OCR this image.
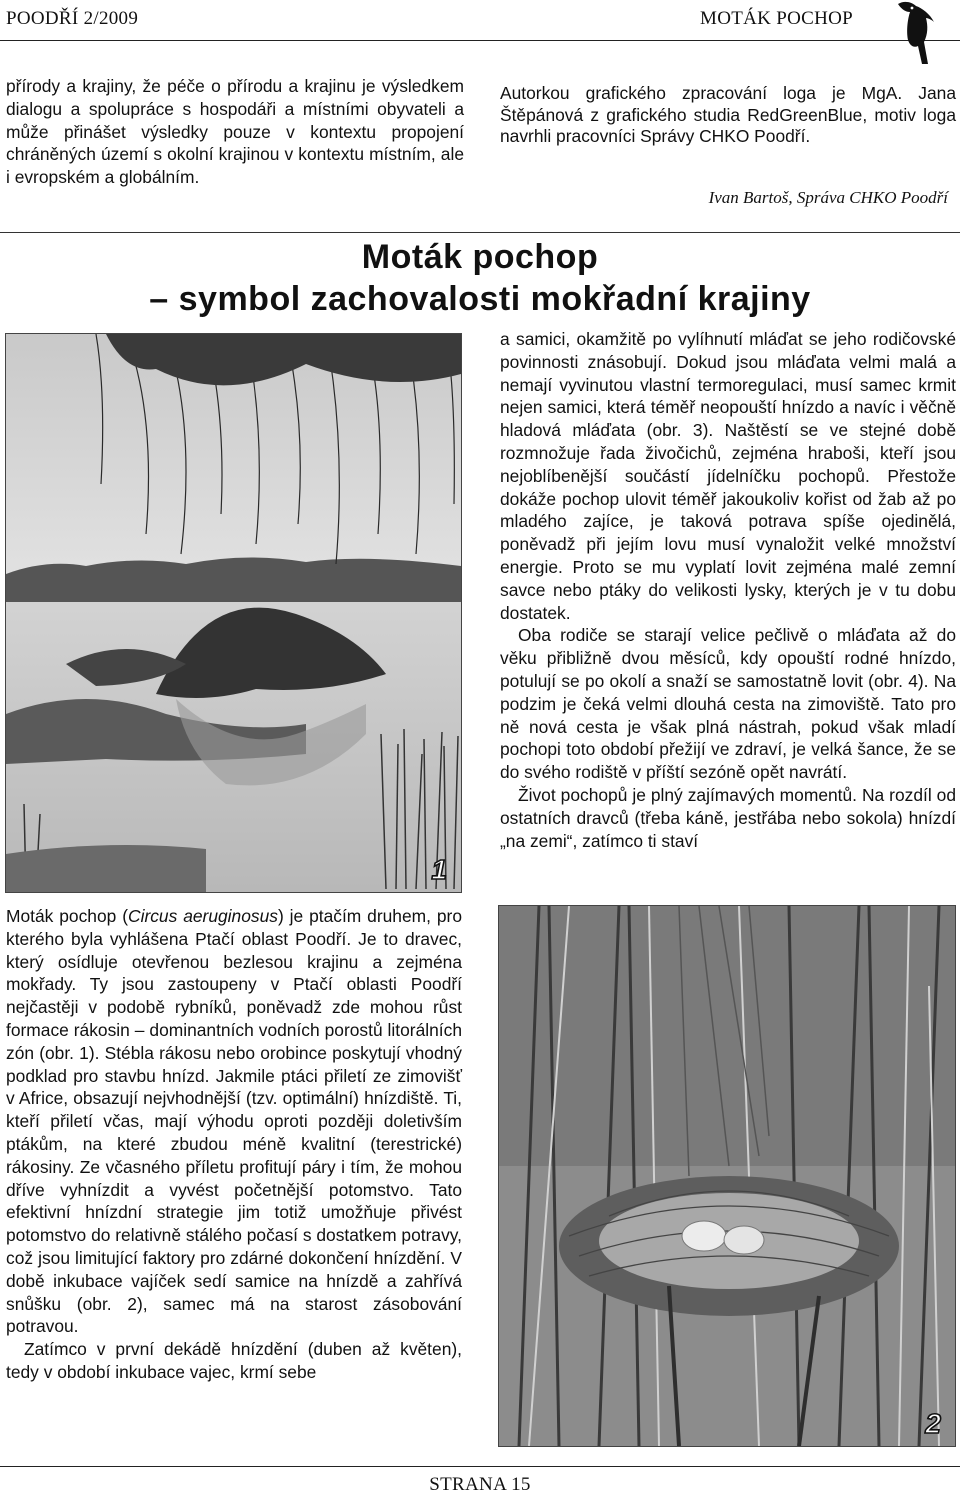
POODŘÍ 2/2009	MOTÁK POCHOP

přírody a krajiny, že péče o přírodu a krajinu je výsledkem dialogu a spolupráce s hospodáři a místními obyvateli a může přinášet výsledky pouze v kontextu propojení chráněných území s okolní krajinou v kontextu místním, ale i evropském a globálním.

Autorkou grafického zpracování loga je MgA. Jana Štěpánová z grafického studia RedGreenBlue, motiv loga navrhli pracovníci Správy CHKO Poodří.

Ivan Bartoš, Správa CHKO Poodří
Moták pochop
– symbol zachovalosti mokřadní krajiny
1

Moták pochop (Circus aeruginosus) je ptačím druhem, pro kterého byla vyhlášena Ptačí oblast Poodří. Je to dravec, který osídluje otevřenou bezlesou krajinu a zejména mokřady. Ty jsou zastoupeny v Ptačí oblasti Poodří nejčastěji v podobě rybníků, poněvadž zde mohou růst formace rákosin – dominantních vodních porostů litorálních zón (obr. 1). Stébla rákosu nebo orobince poskytují vhodný podklad pro stavbu hnízd. Jakmile ptáci přiletí ze zimovišť v Africe, obsazují nejvhodnější (tzv. optimální) hnízdiště. Ti, kteří přiletí včas, mají výhodu oproti později doletivším ptákům, na které zbudou méně kvalitní (terestrické) rákosiny. Ze včasného příletu profitují páry i tím, že mohou dříve vyhnízdit a vyvést početnější potomstvo. Tato efektivní hnízdní strategie jim totiž umožňuje přivést potomstvo do relativně stálého počasí s dostatkem potravy, což jsou limitující faktory pro zdárné dokončení hnízdění. V době inkubace vajíček sedí samice na hnízdě a zahřívá snůšku (obr. 2), samec má na starost zásobování potravou.

Zatímco v první dekádě hnízdění (duben až květen), tedy v období inkubace vajec, krmí sebe

a samici, okamžitě po vylíhnutí mláďat se jeho rodičovské povinnosti znásobují. Dokud jsou mláďata velmi malá a nemají vyvinutou vlastní termoregulaci, musí samec krmit nejen samici, která téměř neopouští hnízdo a navíc i věčně hladová mláďata (obr. 3). Naštěstí se ve stejné době rozmnožuje řada živočichů, zejména hraboši, kteří jsou nejoblíbenější součástí jídelníčku pochopů. Přestože dokáže pochop ulovit téměř jakoukoliv kořist od žab až po mladého zajíce, je taková potrava spíše ojedinělá, poněvadž při jejím lovu musí vynaložit velké množství energie. Proto se mu vyplatí lovit zejména malé zemní savce nebo ptáky do velikosti lysky, kterých je v tu dobu dostatek.

Oba rodiče se starají velice pečlivě o mláďata až do věku přibližně dvou měsíců, kdy opouští rodné hnízdo, potulují se po okolí a snaží se samostatně lovit (obr. 4). Na podzim je čeká velmi dlouhá cesta na zimoviště. Tato pro ně nová cesta je však plná nástrah, pokud však mladí pochopi toto období přežijí ve zdraví, je velká šance, že se do svého rodiště v příští sezóně opět navrátí.

Život pochopů je plný zajímavých momentů. Na rozdíl od ostatních dravců (třeba káně, jestřába nebo sokola) hnízdí „na zemi“, zatímco ti staví

2
STRANA 15
